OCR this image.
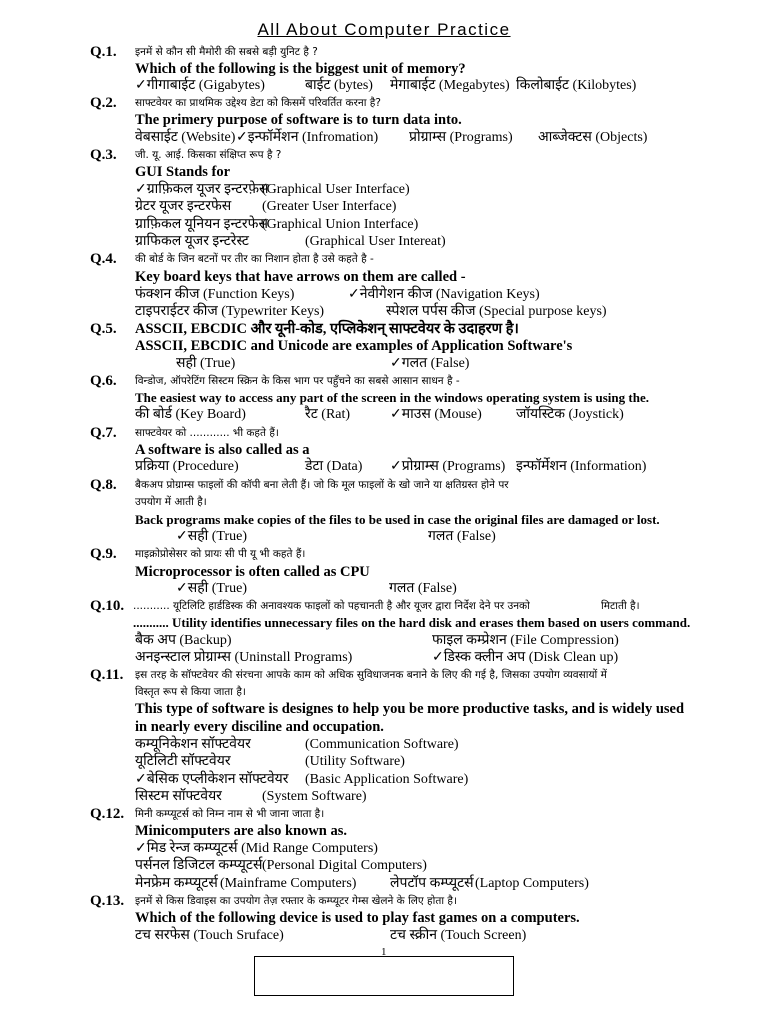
All About Computer Practice
Q.1. इनमें से कौन सी मैमोरी की सबसे बड़ी युनिट है ?
Which of the following is the biggest unit of memory?
✓गीगाबाईट (Gigabytes)	बाईट (bytes) मेगाबाईट (Megabytes) किलोबाईट (Kilobytes)
Q.2. साफ्टवेयर का प्राथमिक उद्देश्य डेटा को किसमें परिवर्तित करना है?
The primery purpose of software is to turn data into.
वेबसाईट (Website) ✓इन्फॉर्मेशन (Infromation) प्रोग्राम्स (Programs) आब्जेक्टस (Objects)
Q.3. जी. यू. आई. किसका संक्षिप्त रूप है ?
GUI Stands for
✓ग्राफ़िकल यूजर इन्टरफ़ेस
(Graphical User Interface)
ग्रेटर यूजर इन्टरफेस (Greater User Interface)
ग्राफ़िकल यूनियन इन्टरफेस
(Graphical Union Interface)
ग्राफिकल यूजर इन्टरेस्ट	(Graphical User Intereat)
Q.4. की बोर्ड के जिन बटनों पर तीर का निशान होता है उसे कहते है -
Key board keys that have arrows on them are called -
फंक्शन कीज (Function Keys)	✓नेवीगेशन कीज (Navigation Keys)
टाइपराईटर कीज (Typewriter Keys)	स्पेशल पर्पस कीज (Special purpose keys)
Q.5. ASSCII, EBCDIC और यूनी-कोड, एप्लिकेशन् साफ्टवेयर के उदाहरण है।
ASSCII, EBCDIC and Unicode are examples of Application Software's
सही (True)	✓गलत (False)
Q.6. विन्डोज, ऑपरेटिंग सिस्टम स्क्रिन के किस भाग पर पहुँचने का सबसे आसान साधन है -
The easiest way to access any part of the screen in the windows operating system is using the.
की बोर्ड (Key Board)	रैट (Rat)	✓माउस (Mouse) जॉयस्टिक (Joystick)
Q.7. साफ्टवेयर को ............ भी कहते हैं।
A software is also called as a
प्रक्रिया (Procedure)	डेटा (Data) ✓प्रोग्राम्स (Programs) इन्फॉर्मेशन (Information)
Q.8. बैकअप प्रोग्राम्स फाइलों की कॉपी बना लेती हैं। जो कि मूल फाइलों के खो जाने या क्षतिग्रस्त होने पर
उपयोग में आती है।
Back programs make copies of the files to be used in case the original files are damaged or lost.
✓सही (True)	गलत (False)
Q.9. माइक्रोप्रोसेसर को प्रायः सी पी यू भी कहते हैं।
Microprocessor is often called as CPU
✓सही (True)	गलत (False)
Q.10. ........... यूटिलिटि हार्डडिस्क की अनावश्यक फाइलों को पहचानती है और यूजर द्वारा निर्देश देने पर उनको	मिटाती है।
........... Utility identifies unnecessary files on the hard disk and erases them based on users command.
बैक अप (Backup)	फाइल कम्प्रेशन (File Compression)
अनइन्स्टाल प्रोग्राम्स (Uninstall Programs)	✓डिस्क क्लीन अप (Disk Clean up)
Q.11. इस तरह के सॉफ्टवेयर की संरचना आपके काम को अधिक सुविधाजनक बनाने के लिए की गई है, जिसका उपयोग व्यवसायों में
विस्तृत रूप से किया जाता है।
This type of software is designes to help you be more productive tasks, and is widely used
in nearly every disciline and occupation.
कम्यूनिकेशन सॉफ्टवेयर	(Communication Software)
यूटिलिटी सॉफ्टवेयर	(Utility Software)
✓बेसिक एप्लीकेशन सॉफ्टवेयर (Basic Application Software)
सिस्टम सॉफ्टवेयर	(System Software)
Q.12. मिनी कम्प्यूटर्स को निम्न नाम से भी जाना जाता है।
Minicomputers are also known as.
✓मिड रेन्ज कम्प्यूटर्स (Mid Range Computers)
पर्सनल डिजिटल कम्प्यूटर्स (Personal Digital Computers)
मेनफ्रेम कम्प्यूटर्स (Mainframe Computers) लेपटॉप कम्प्यूटर्स (Laptop Computers)
Q.13. इनमें से किस डिवाइस का उपयोग तेज़ रफ्तार के कम्प्यूटर गेम्स खेलने के लिए होता है।
Which of the following device is used to play fast games on a computers.
टच सरफेस (Touch Sruface)	टच स्क्रीन (Touch Screen)
1
